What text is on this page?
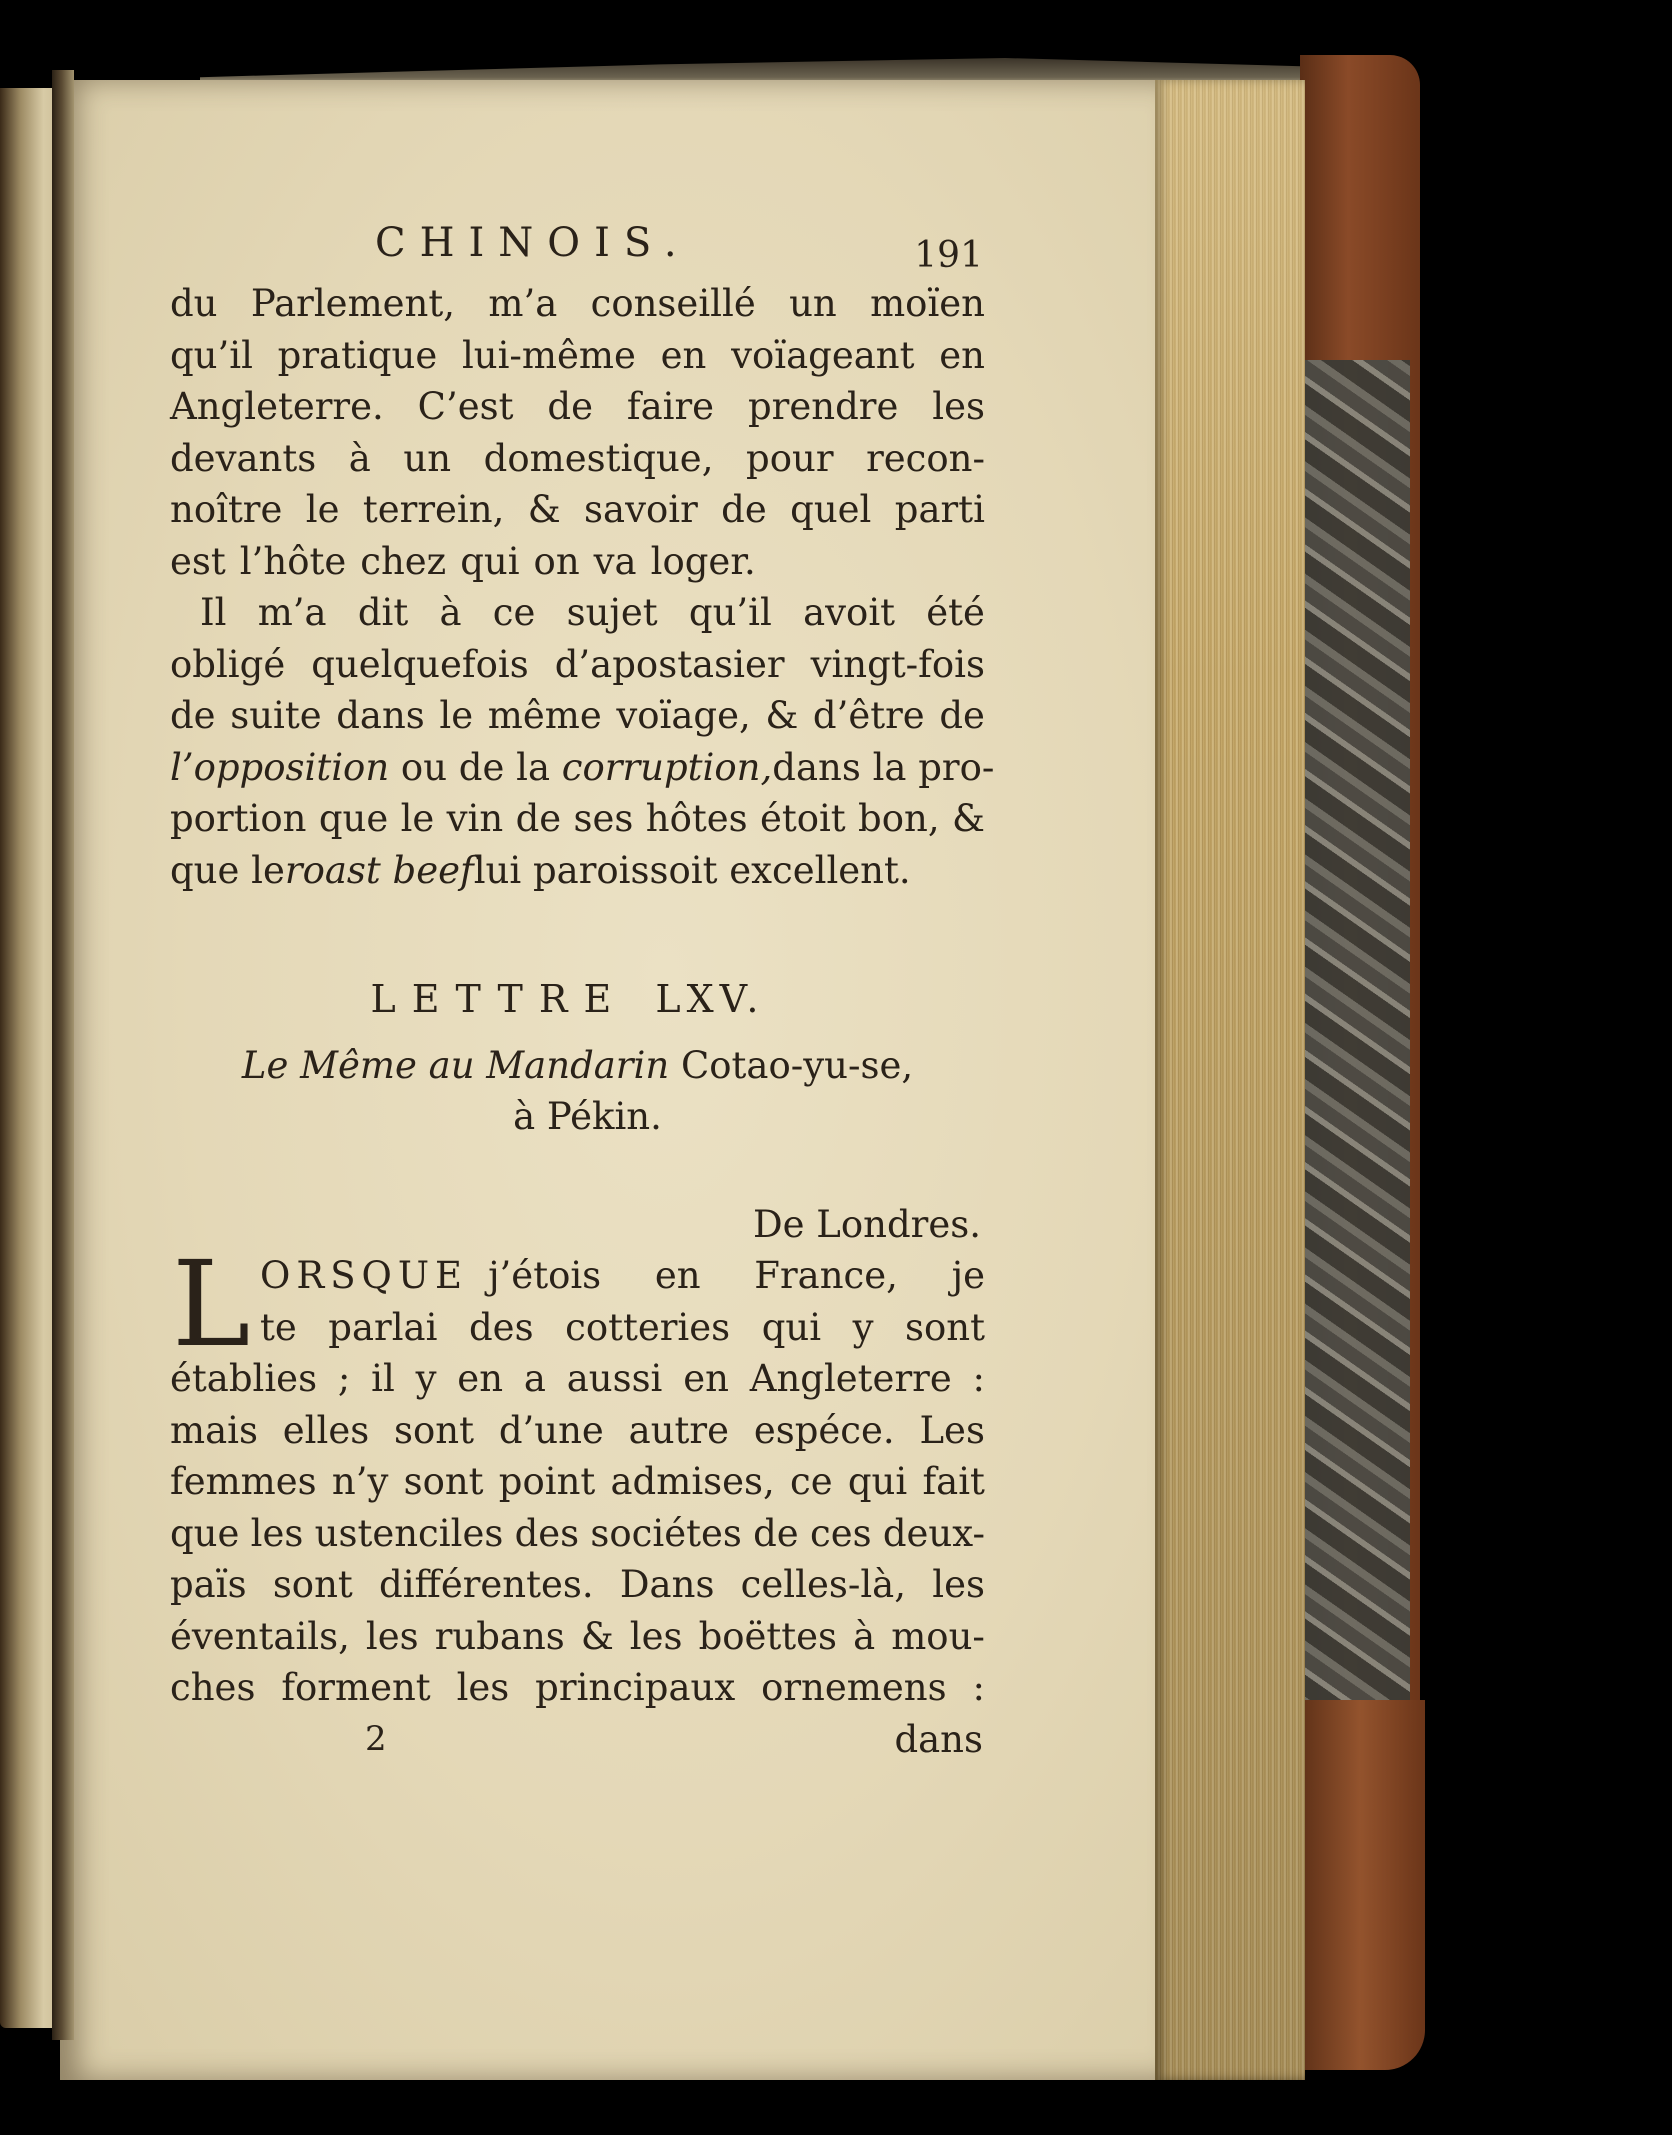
CHINOIS.	191
du Parlement, m’a conseillé un moïen
qu’il pratique lui-même en voïageant en
Angleterre. C’est de faire prendre les
devants à un domestique, pour recon-
noître le terrein, & savoir de quel parti
est l’hôte chez qui on va loger.
Il m’a dit à ce sujet qu’il avoit été
obligé quelquefois d’apostasier vingt-fois
de suite dans le même voïage, & d’être de
l’opposition ou de la corruption, dans la pro-
portion que le vin de ses hôtes étoit bon, &
que le roast beef lui paroissoit excellent.
LETTRE LXV.
Le Même au Mandarin Cotao-yu-se,
à Pékin.
De Londres.
L ORSQUE j’étois en France, je
te parlai des cotteries qui y sont
établies ; il y en a aussi en Angleterre :
mais elles sont d’une autre espéce. Les
femmes n’y sont point admises, ce qui fait
que les ustenciles des sociétes de ces deux-
païs sont différentes. Dans celles-là, les
éventails, les rubans & les boëttes à mou-
ches forment les principaux ornemens :
2	dans
